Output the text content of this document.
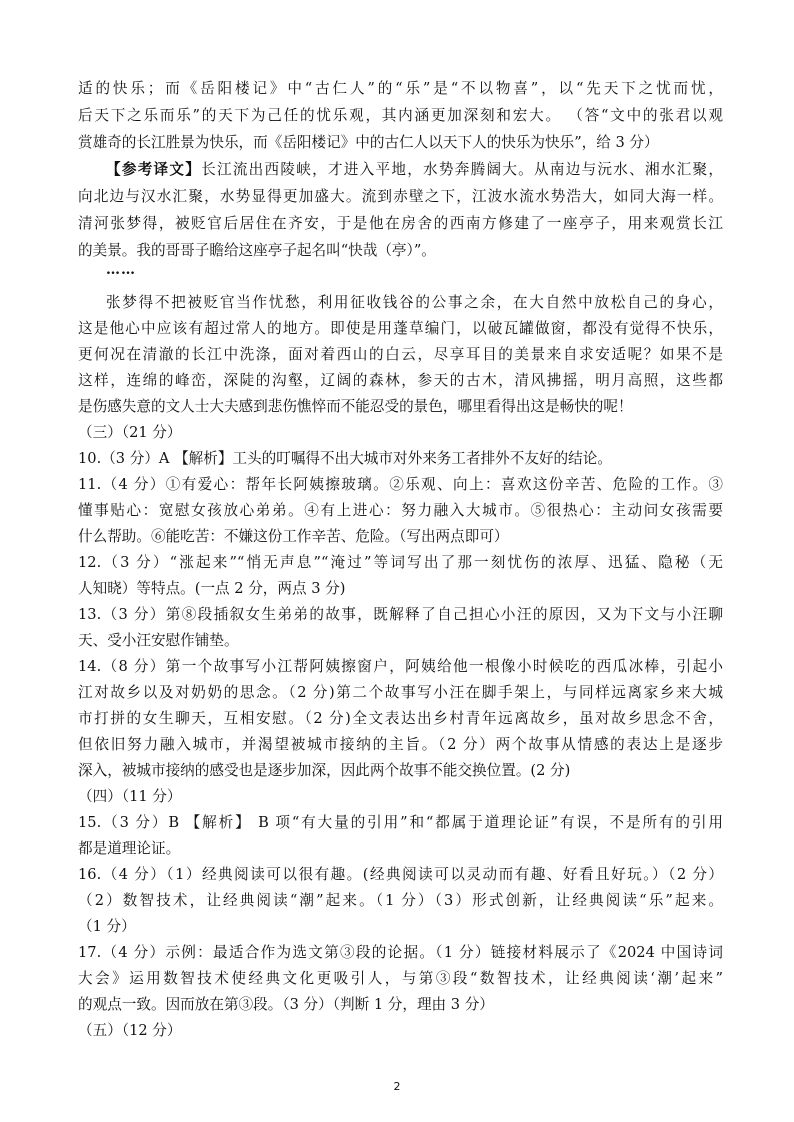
适的快乐；而《岳阳楼记》中“古仁人”的“乐”是“不以物喜”，以“先天下之忧而忧，
后天下之乐而乐”的天下为己任的忧乐观，其内涵更加深刻和宏大。 （答“文中的张君以观
赏雄奇的长江胜景为快乐，而《岳阳楼记》中的古仁人以天下人的快乐为快乐”，给 3 分）
【参考译文】长江流出西陵峡，才进入平地，水势奔腾阔大。从南边与沅水、湘水汇聚，
向北边与汉水汇聚，水势显得更加盛大。流到赤壁之下，江波水流水势浩大，如同大海一样。
清河张梦得，被贬官后居住在齐安，于是他在房舍的西南方修建了一座亭子，用来观赏长江
的美景。我的哥哥子瞻给这座亭子起名叫“快哉（亭）”。
……
张梦得不把被贬官当作忧愁，利用征收钱谷的公事之余，在大自然中放松自己的身心，
这是他心中应该有超过常人的地方。即使是用蓬草编门，以破瓦罐做窗，都没有觉得不快乐，
更何况在清澈的长江中洗涤，面对着西山的白云，尽享耳目的美景来自求安适呢？如果不是
这样，连绵的峰峦，深陡的沟壑，辽阔的森林，参天的古木，清风拂摇，明月高照，这些都
是伤感失意的文人士大夫感到悲伤憔悴而不能忍受的景色，哪里看得出这是畅快的呢！
（三）（21 分）
10.（3 分）A 【解析】工头的叮嘱得不出大城市对外来务工者排外不友好的结论。
11.（4 分）①有爱心：帮年长阿姨擦玻璃。②乐观、向上：喜欢这份辛苦、危险的工作。③
懂事贴心：宽慰女孩放心弟弟。④有上进心：努力融入大城市。⑤很热心：主动问女孩需要
什么帮助。⑥能吃苦：不嫌这份工作辛苦、危险。（写出两点即可）
12.（3 分）“涨起来”“悄无声息”“淹过”等词写出了那一刻忧伤的浓厚、迅猛、隐秘（无
人知晓）等特点。(一点 2 分，两点 3 分)
13.（3 分）第⑧段插叙女生弟弟的故事，既解释了自己担心小汪的原因，又为下文与小汪聊
天、受小汪安慰作铺垫。
14.（8 分）第一个故事写小江帮阿姨擦窗户，阿姨给他一根像小时候吃的西瓜冰棒，引起小
江对故乡以及对奶奶的思念。（2 分)第二个故事写小汪在脚手架上，与同样远离家乡来大城
市打拼的女生聊天，互相安慰。（2 分)全文表达出乡村青年远离故乡，虽对故乡思念不舍，
但依旧努力融入城市，并渴望被城市接纳的主旨。（2 分）两个故事从情感的表达上是逐步
深入，被城市接纳的感受也是逐步加深，因此两个故事不能交换位置。(2 分)
（四）（11 分）
15.（3 分）B 【解析】 B 项“有大量的引用”和“都属于道理论证”有误，不是所有的引用
都是道理论证。
16.（4 分）（1）经典阅读可以很有趣。(经典阅读可以灵动而有趣、好看且好玩。）（2 分）
（2）数智技术，让经典阅读“潮”起来。（1 分）（3）形式创新，让经典阅读“乐”起来。
（1 分）
17.（4 分）示例：最适合作为选文第③段的论据。（1 分）链接材料展示了《2024 中国诗词
大会》运用数智技术使经典文化更吸引人，与第③段“数智技术，让经典阅读‘潮’起来”
的观点一致。因而放在第③段。（3 分）（判断 1 分，理由 3 分）
（五）（12 分）
2
